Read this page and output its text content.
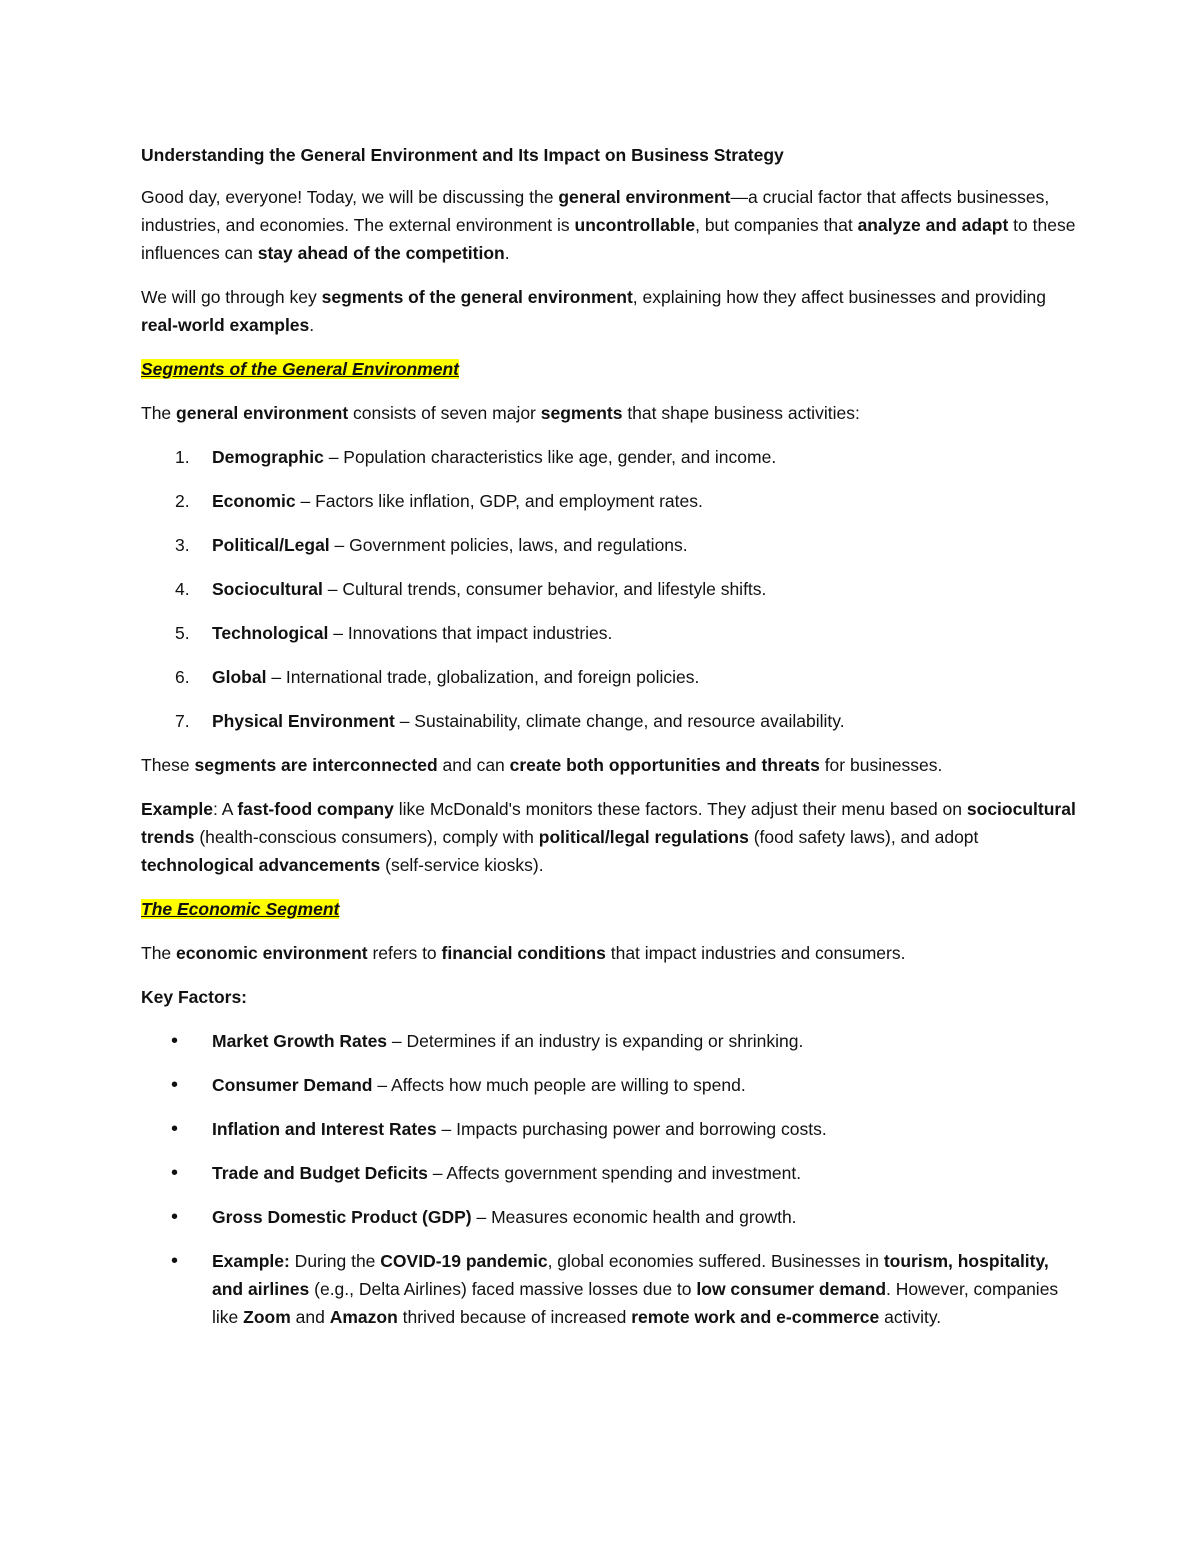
Understanding the General Environment and Its Impact on Business Strategy

Good day, everyone! Today, we will be discussing the general environment—a crucial factor that affects businesses, industries, and economies. The external environment is uncontrollable, but companies that analyze and adapt to these influences can stay ahead of the competition.

We will go through key segments of the general environment, explaining how they affect businesses and providing real-world examples.

Segments of the General Environment

The general environment consists of seven major segments that shape business activities:

1. Demographic – Population characteristics like age, gender, and income.
2. Economic – Factors like inflation, GDP, and employment rates.
3. Political/Legal – Government policies, laws, and regulations.
4. Sociocultural – Cultural trends, consumer behavior, and lifestyle shifts.
5. Technological – Innovations that impact industries.
6. Global – International trade, globalization, and foreign policies.
7. Physical Environment – Sustainability, climate change, and resource availability.

These segments are interconnected and can create both opportunities and threats for businesses.

Example: A fast-food company like McDonald's monitors these factors. They adjust their menu based on sociocultural trends (health-conscious consumers), comply with political/legal regulations (food safety laws), and adopt technological advancements (self-service kiosks).

The Economic Segment

The economic environment refers to financial conditions that impact industries and consumers.

Key Factors:

• Market Growth Rates – Determines if an industry is expanding or shrinking.
• Consumer Demand – Affects how much people are willing to spend.
• Inflation and Interest Rates – Impacts purchasing power and borrowing costs.
• Trade and Budget Deficits – Affects government spending and investment.
• Gross Domestic Product (GDP) – Measures economic health and growth.
• Example: During the COVID-19 pandemic, global economies suffered. Businesses in tourism, hospitality, and airlines (e.g., Delta Airlines) faced massive losses due to low consumer demand. However, companies like Zoom and Amazon thrived because of increased remote work and e-commerce activity.
